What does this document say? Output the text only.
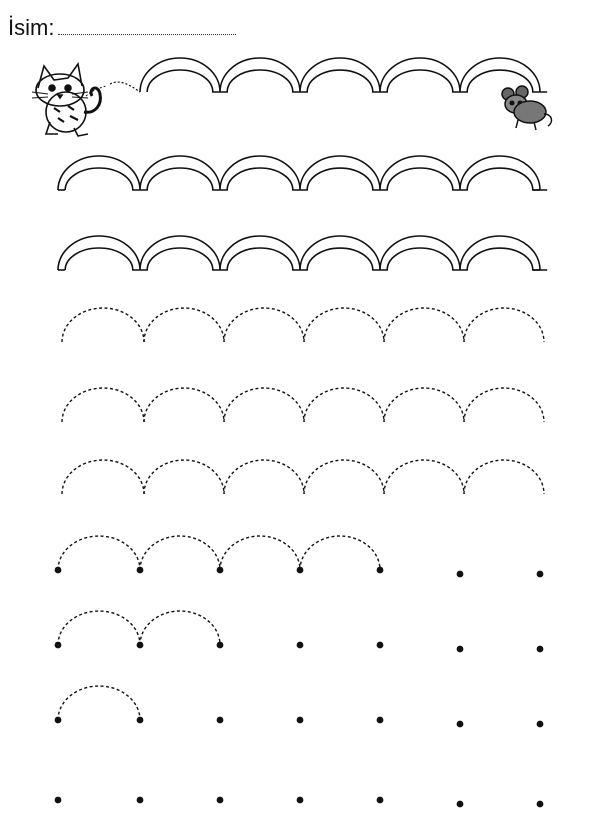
İsim:
